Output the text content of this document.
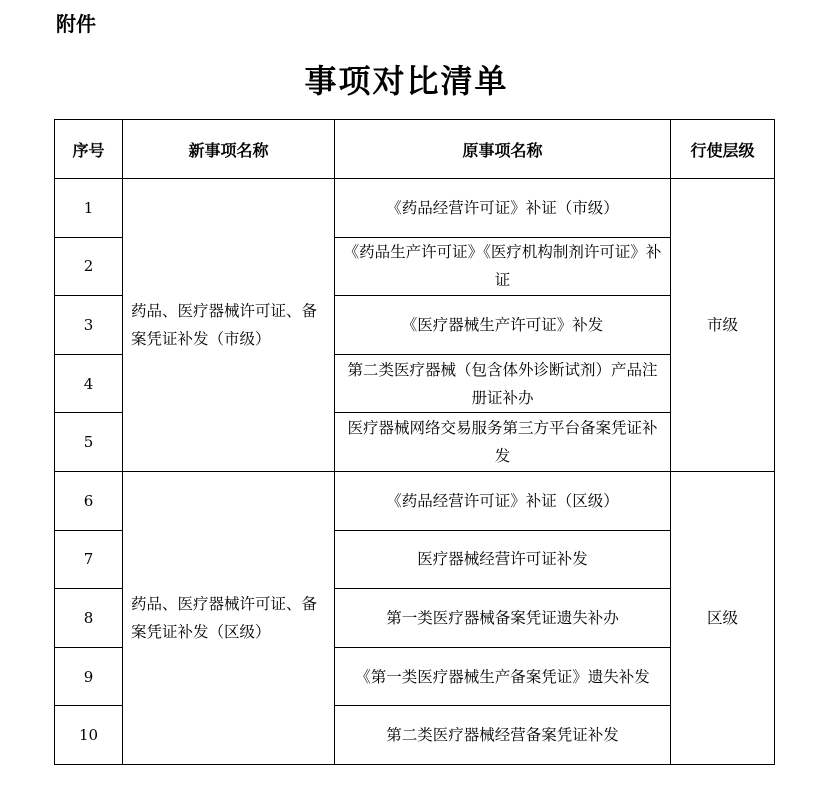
附件
事项对比清单
序号	新事项名称	原事项名称	行使层级
1	药品、医疗器械许可证、备案凭证补发（市级）	《药品经营许可证》补证（市级）	市级
2		《药品生产许可证》《医疗机构制剂许可证》补证	
3		《医疗器械生产许可证》补发	
4		第二类医疗器械（包含体外诊断试剂）产品注册证补办	
5		医疗器械网络交易服务第三方平台备案凭证补发	
6	药品、医疗器械许可证、备案凭证补发（区级）	《药品经营许可证》补证（区级）	区级
7		医疗器械经营许可证补发	
8		第一类医疗器械备案凭证遗失补办	
9		《第一类医疗器械生产备案凭证》遗失补发	
10		第二类医疗器械经营备案凭证补发	
